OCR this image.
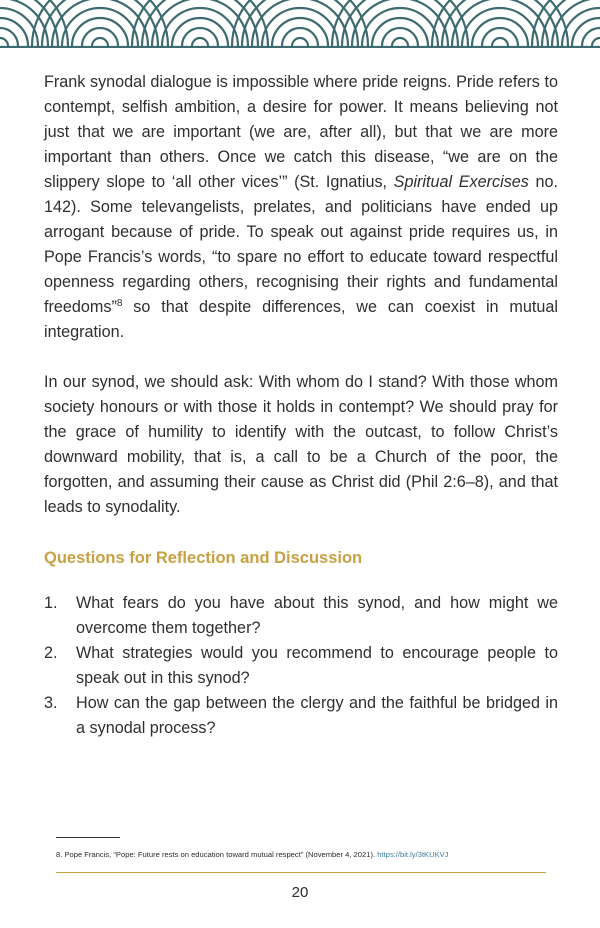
Frank synodal dialogue is impossible where pride reigns. Pride refers to contempt, selfish ambition, a desire for power. It means believing not just that we are important (we are, after all), but that we are more important than others. Once we catch this disease, “we are on the slippery slope to ‘all other vices’” (St. Ignatius, Spiritual Exercises no. 142). Some televangelists, prelates, and politicians have ended up arrogant because of pride. To speak out against pride requires us, in Pope Francis’s words, “to spare no effort to educate toward respectful openness regarding others, recognising their rights and fundamental freedoms”$^8$ so that despite differences, we can coexist in mutual integration.

In our synod, we should ask: With whom do I stand? With those whom society honours or with those it holds in contempt? We should pray for the grace of humility to identify with the outcast, to follow Christ’s downward mobility, that is, a call to be a Church of the poor, the forgotten, and assuming their cause as Christ did (Phil 2:6–8), and that leads to synodality.

Questions for Reflection and Discussion
1. What fears do you have about this synod, and how might we overcome them together?
2. What strategies would you recommend to encourage people to speak out in this synod?
3. How can the gap between the clergy and the faithful be bridged in a synodal process?
8. Pope Francis, “Pope: Future rests on education toward mutual respect” (November 4, 2021). https://bit.ly/3tKUKVJ
20
